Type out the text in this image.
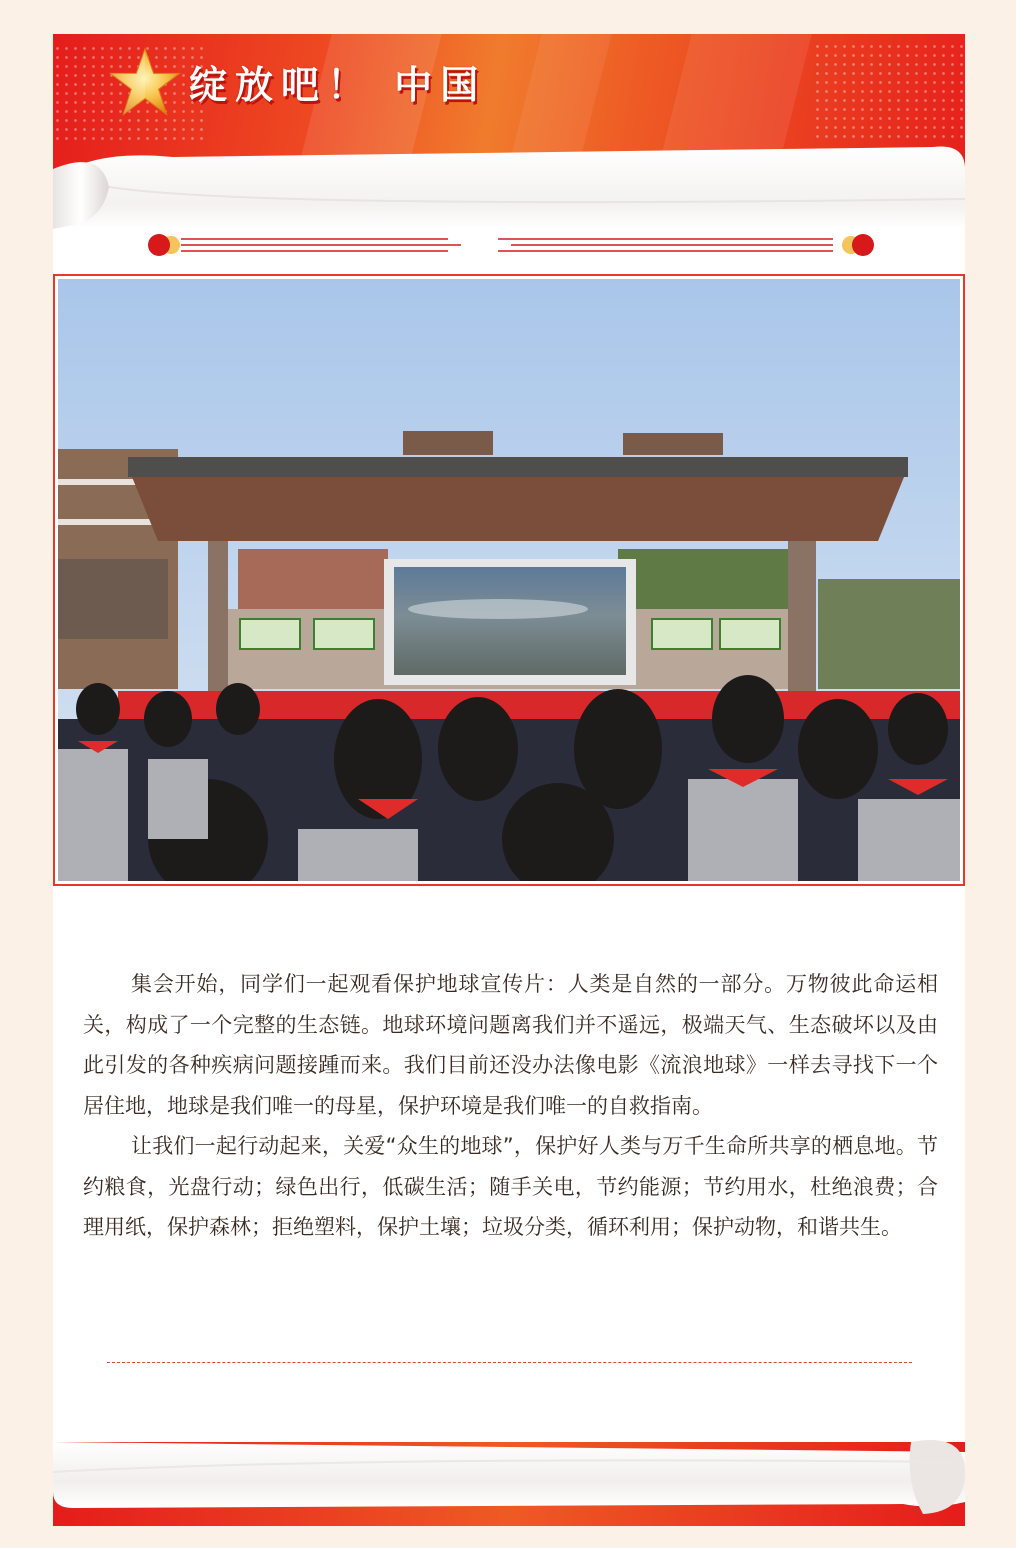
绽放吧！ 中国

集会开始，同学们一起观看保护地球宣传片：人类是自然的一部分。万物彼此命运相关，构成了一个完整的生态链。地球环境问题离我们并不遥远，极端天气、生态破坏以及由此引发的各种疾病问题接踵而来。我们目前还没办法像电影《流浪地球》一样去寻找下一个居住地，地球是我们唯一的母星，保护环境是我们唯一的自救指南。

让我们一起行动起来，关爱“众生的地球”，保护好人类与万千生命所共享的栖息地。节约粮食，光盘行动；绿色出行，低碳生活；随手关电，节约能源；节约用水，杜绝浪费；合理用纸，保护森林；拒绝塑料，保护土壤；垃圾分类，循环利用；保护动物，和谐共生。
